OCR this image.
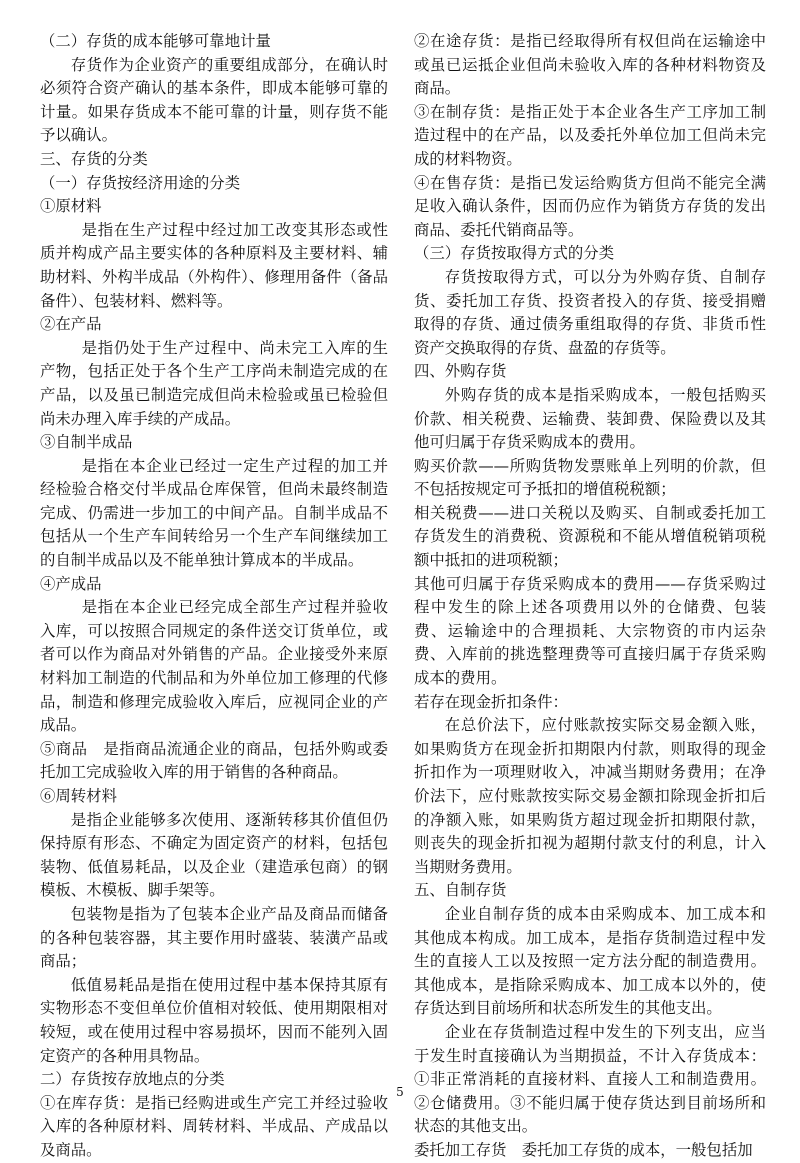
（二）存货的成本能够可靠地计量

存货作为企业资产的重要组成部分，在确认时必须符合资产确认的基本条件，即成本能够可靠的计量。如果存货成本不能可靠的计量，则存货不能予以确认。

三、存货的分类

（一）存货按经济用途的分类

①原材料

是指在生产过程中经过加工改变其形态或性质并构成产品主要实体的各种原料及主要材料、辅助材料、外构半成品（外构件）、修理用备件（备品备件）、包装材料、燃料等。

②在产品

是指仍处于生产过程中、尚未完工入库的生产物，包括正处于各个生产工序尚未制造完成的在产品，以及虽已制造完成但尚未检验或虽已检验但尚未办理入库手续的产成品。

③自制半成品

是指在本企业已经过一定生产过程的加工并经检验合格交付半成品仓库保管，但尚未最终制造完成、仍需进一步加工的中间产品。自制半成品不包括从一个生产车间转给另一个生产车间继续加工的自制半成品以及不能单独计算成本的半成品。

④产成品

是指在本企业已经完成全部生产过程并验收入库，可以按照合同规定的条件送交订货单位，或者可以作为商品对外销售的产品。企业接受外来原材料加工制造的代制品和为外单位加工修理的代修品，制造和修理完成验收入库后，应视同企业的产成品。

⑤商品　是指商品流通企业的商品，包括外购或委托加工完成验收入库的用于销售的各种商品。

⑥周转材料

是指企业能够多次使用、逐渐转移其价值但仍保持原有形态、不确定为固定资产的材料，包括包装物、低值易耗品，以及企业（建造承包商）的钢模板、木模板、脚手架等。

包装物是指为了包装本企业产品及商品而储备的各种包装容器，其主要作用时盛装、装潢产品或商品；

低值易耗品是指在使用过程中基本保持其原有实物形态不变但单位价值相对较低、使用期限相对较短，或在使用过程中容易损坏，因而不能列入固定资产的各种用具物品。

二）存货按存放地点的分类

①在库存货：是指已经购进或生产完工并经过验收入库的各种原材料、周转材料、半成品、产成品以及商品。

②在途存货：是指已经取得所有权但尚在运输途中或虽已运抵企业但尚未验收入库的各种材料物资及商品。

③在制存货：是指正处于本企业各生产工序加工制造过程中的在产品，以及委托外单位加工但尚未完成的材料物资。

④在售存货：是指已发运给购货方但尚不能完全满足收入确认条件，因而仍应作为销货方存货的发出商品、委托代销商品等。

（三）存货按取得方式的分类

存货按取得方式，可以分为外购存货、自制存货、委托加工存货、投资者投入的存货、接受捐赠取得的存货、通过债务重组取得的存货、非货币性资产交换取得的存货、盘盈的存货等。

四、外购存货

外购存货的成本是指采购成本，一般包括购买价款、相关税费、运输费、装卸费、保险费以及其他可归属于存货采购成本的费用。

购买价款——所购货物发票账单上列明的价款，但不包括按规定可予抵扣的增值税税额；

相关税费——进口关税以及购买、自制或委托加工存货发生的消费税、资源税和不能从增值税销项税额中抵扣的进项税额；

其他可归属于存货采购成本的费用——存货采购过程中发生的除上述各项费用以外的仓储费、包装费、运输途中的合理损耗、大宗物资的市内运杂费、入库前的挑选整理费等可直接归属于存货采购成本的费用。

若存在现金折扣条件：

在总价法下，应付账款按实际交易金额入账，如果购货方在现金折扣期限内付款，则取得的现金折扣作为一项理财收入，冲减当期财务费用；在净价法下，应付账款按实际交易金额扣除现金折扣后的净额入账，如果购货方超过现金折扣期限付款，则丧失的现金折扣视为超期付款支付的利息，计入当期财务费用。

五、自制存货

企业自制存货的成本由采购成本、加工成本和其他成本构成。加工成本，是指存货制造过程中发生的直接人工以及按照一定方法分配的制造费用。其他成本，是指除采购成本、加工成本以外的，使存货达到目前场所和状态所发生的其他支出。

企业在存货制造过程中发生的下列支出，应当于发生时直接确认为当期损益，不计入存货成本：①非正常消耗的直接材料、直接人工和制造费用。②仓储费用。③不能归属于使存货达到目前场所和状态的其他支出。

委托加工存货　委托加工存货的成本，一般包括加

5
